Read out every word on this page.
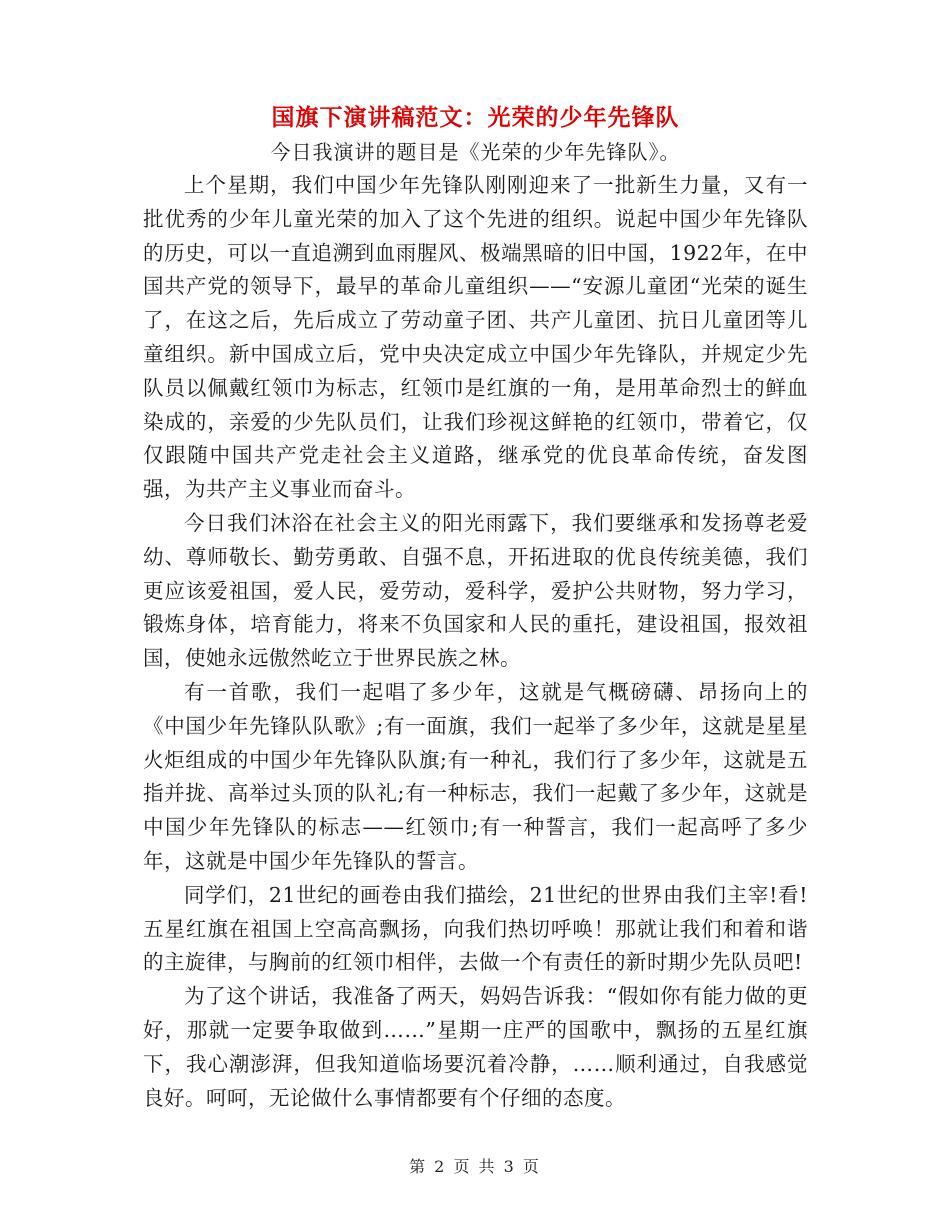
国旗下演讲稿范文：光荣的少年先锋队

今日我演讲的题目是《光荣的少年先锋队》。

上个星期，我们中国少年先锋队刚刚迎来了一批新生力量，又有一批优秀的少年儿童光荣的加入了这个先进的组织。说起中国少年先锋队的历史，可以一直追溯到血雨腥风、极端黑暗的旧中国，1922年，在中国共产党的领导下，最早的革命儿童组织——“安源儿童团“光荣的诞生了，在这之后，先后成立了劳动童子团、共产儿童团、抗日儿童团等儿童组织。新中国成立后，党中央决定成立中国少年先锋队，并规定少先队员以佩戴红领巾为标志，红领巾是红旗的一角，是用革命烈士的鲜血染成的，亲爱的少先队员们，让我们珍视这鲜艳的红领巾，带着它，仅仅跟随中国共产党走社会主义道路，继承党的优良革命传统，奋发图强，为共产主义事业而奋斗。

今日我们沐浴在社会主义的阳光雨露下，我们要继承和发扬尊老爱幼、尊师敬长、勤劳勇敢、自强不息，开拓进取的优良传统美德，我们更应该爱祖国，爱人民，爱劳动，爱科学，爱护公共财物，努力学习，锻炼身体，培育能力，将来不负国家和人民的重托，建设祖国，报效祖国，使她永远傲然屹立于世界民族之林。

有一首歌，我们一起唱了多少年，这就是气概磅礴、昂扬向上的《中国少年先锋队队歌》;有一面旗，我们一起举了多少年，这就是星星火炬组成的中国少年先锋队队旗;有一种礼，我们行了多少年，这就是五指并拢、高举过头顶的队礼;有一种标志，我们一起戴了多少年，这就是中国少年先锋队的标志——红领巾;有一种誓言，我们一起高呼了多少年，这就是中国少年先锋队的誓言。

同学们，21世纪的画卷由我们描绘，21世纪的世界由我们主宰!看!五星红旗在祖国上空高高飘扬，向我们热切呼唤！那就让我们和着和谐的主旋律，与胸前的红领巾相伴，去做一个有责任的新时期少先队员吧!

为了这个讲话，我准备了两天，妈妈告诉我：“假如你有能力做的更好，那就一定要争取做到……”星期一庄严的国歌中，飘扬的五星红旗下，我心潮澎湃，但我知道临场要沉着冷静，……顺利通过，自我感觉良好。呵呵，无论做什么事情都要有个仔细的态度。

第 2 页 共 3 页
